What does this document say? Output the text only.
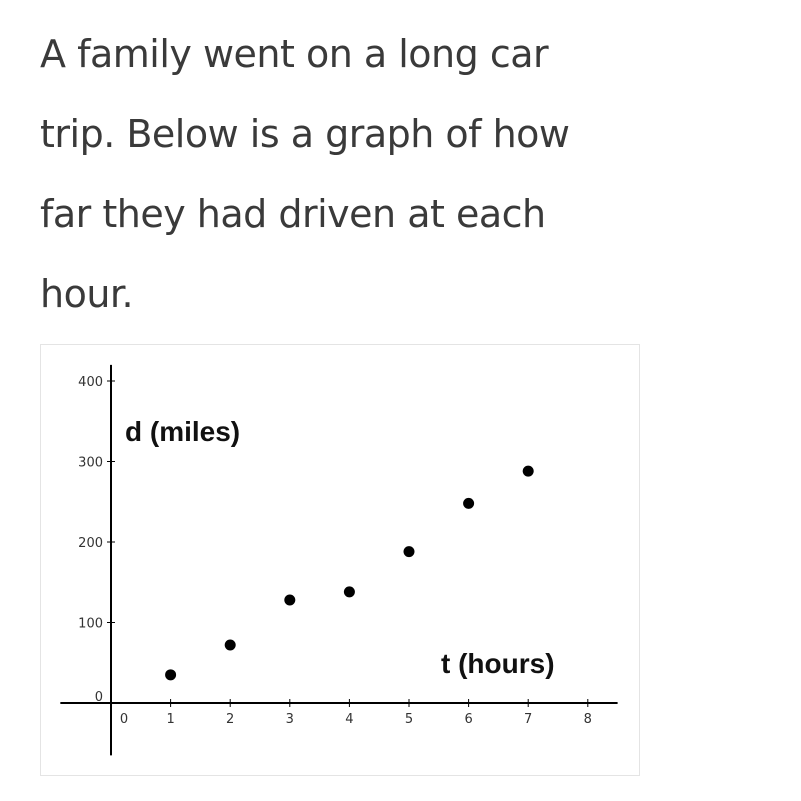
A family went on a long car
trip. Below is a graph of how
far they had driven at each
hour.

0	1	2	3	4	5	6	7	8
0
100
200
300
400
d (miles)
t (hours)
